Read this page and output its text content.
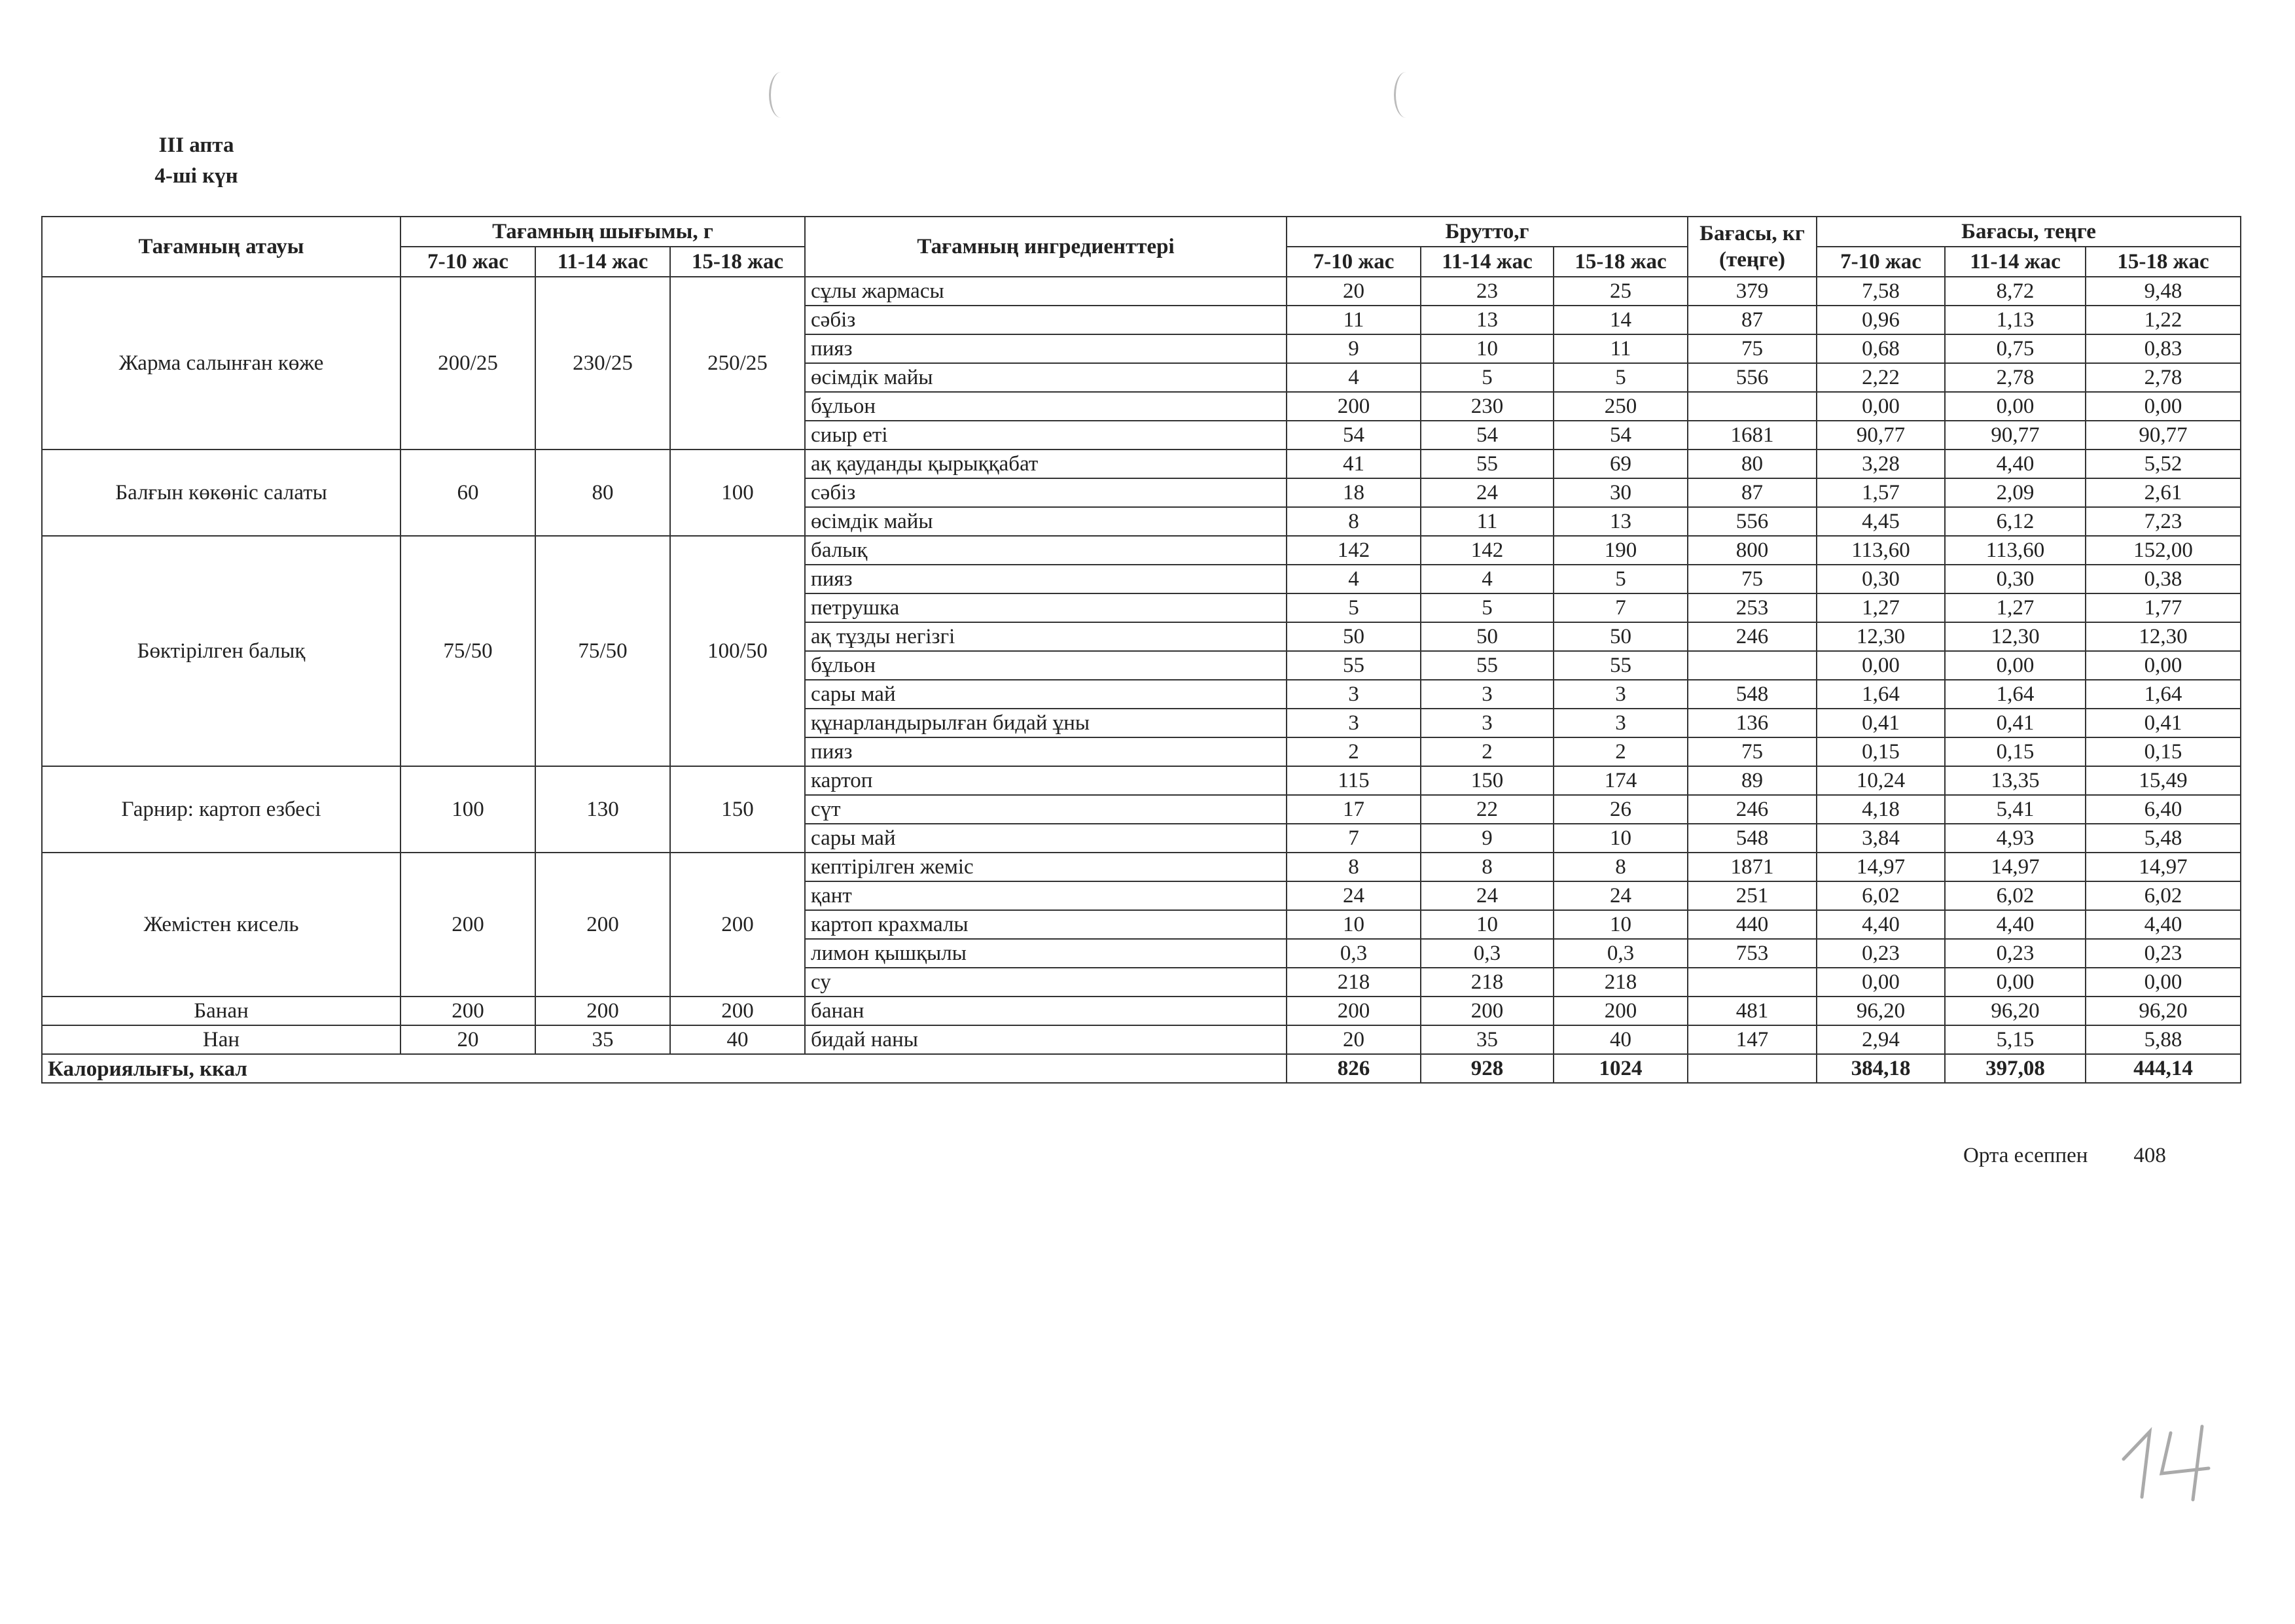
III апта
4-ші күн
Тағамның атауы	Тағамның шығымы, г			Тағамның ингредиенттері	Брутто,г			Бағасы, кг (теңге)	Бағасы, теңге		
	7-10 жас	11-14 жас	15-18 жас		7-10 жас	11-14 жас	15-18 жас		7-10 жас	11-14 жас	15-18 жас
Жарма салынған көже	200/25	230/25	250/25	сұлы жармасы	20	23	25	379	7,58	8,72	9,48
				сәбіз	11	13	14	87	0,96	1,13	1,22
				пияз	9	10	11	75	0,68	0,75	0,83
				өсімдік майы	4	5	5	556	2,22	2,78	2,78
				бұльон	200	230	250		0,00	0,00	0,00
				сиыр еті	54	54	54	1681	90,77	90,77	90,77
Балғын көкөніс салаты	60	80	100	ақ қауданды қырыққабат	41	55	69	80	3,28	4,40	5,52
				сәбіз	18	24	30	87	1,57	2,09	2,61
				өсімдік майы	8	11	13	556	4,45	6,12	7,23
Бөктірілген балық	75/50	75/50	100/50	балық	142	142	190	800	113,60	113,60	152,00
				пияз	4	4	5	75	0,30	0,30	0,38
				петрушка	5	5	7	253	1,27	1,27	1,77
				ақ тұзды негізгі	50	50	50	246	12,30	12,30	12,30
				бұльон	55	55	55		0,00	0,00	0,00
				сары май	3	3	3	548	1,64	1,64	1,64
				құнарландырылған бидай ұны	3	3	3	136	0,41	0,41	0,41
				пияз	2	2	2	75	0,15	0,15	0,15
Гарнир: картоп езбесі	100	130	150	картоп	115	150	174	89	10,24	13,35	15,49
				сүт	17	22	26	246	4,18	5,41	6,40
				сары май	7	9	10	548	3,84	4,93	5,48
Жемістен кисель	200	200	200	кептірілген жеміс	8	8	8	1871	14,97	14,97	14,97
				қант	24	24	24	251	6,02	6,02	6,02
				картоп крахмалы	10	10	10	440	4,40	4,40	4,40
				лимон қышқылы	0,3	0,3	0,3	753	0,23	0,23	0,23
				су	218	218	218		0,00	0,00	0,00
Банан	200	200	200	банан	200	200	200	481	96,20	96,20	96,20
Нан	20	35	40	бидай наны	20	35	40	147	2,94	5,15	5,88
Калориялығы, ккал					826	928	1024		384,18	397,08	444,14
Орта есеппен 408
